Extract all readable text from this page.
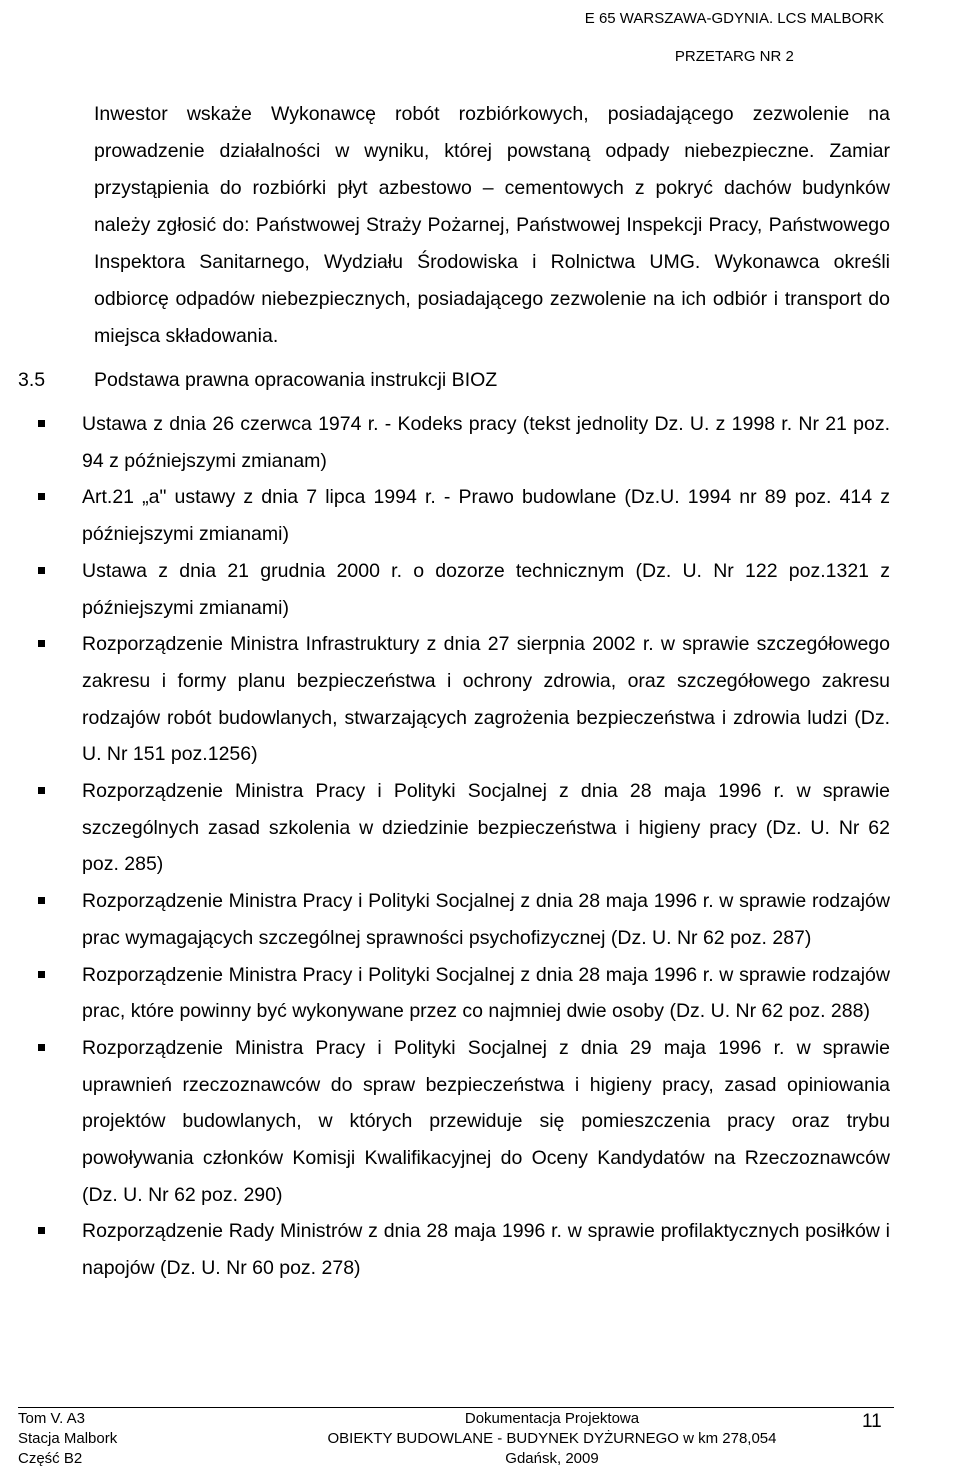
E 65 WARSZAWA-GDYNIA. LCS MALBORK
PRZETARG NR 2

Inwestor wskaże Wykonawcę robót rozbiórkowych, posiadającego zezwolenie na prowadzenie działalności w wyniku, której powstaną odpady niebezpieczne. Zamiar przystąpienia do rozbiórki płyt azbestowo – cementowych z pokryć dachów budynków należy zgłosić do: Państwowej Straży Pożarnej, Państwowej Inspekcji Pracy, Państwowego Inspektora Sanitarnego, Wydziału Środowiska i Rolnictwa UMG. Wykonawca określi odbiorcę odpadów niebezpiecznych, posiadającego zezwolenie na ich odbiór i transport do miejsca składowania.

3.5	Podstawa prawna opracowania instrukcji BIOZ
Ustawa z dnia 26 czerwca 1974 r. - Kodeks pracy (tekst jednolity Dz. U. z 1998 r. Nr 21 poz. 94 z późniejszymi zmianam)
Art.21 „a" ustawy z dnia 7 lipca 1994 r. - Prawo budowlane (Dz.U. 1994 nr 89 poz. 414 z późniejszymi zmianami)
Ustawa z dnia 21 grudnia 2000 r. o dozorze technicznym (Dz. U. Nr 122 poz.1321 z późniejszymi zmianami)
Rozporządzenie Ministra Infrastruktury z dnia 27 sierpnia 2002 r. w sprawie szczegółowego zakresu i formy planu bezpieczeństwa i ochrony zdrowia, oraz szczegółowego zakresu rodzajów robót budowlanych, stwarzających zagrożenia bezpieczeństwa i zdrowia ludzi (Dz. U. Nr 151 poz.1256)
Rozporządzenie Ministra Pracy i Polityki Socjalnej z dnia 28 maja 1996 r. w sprawie szczególnych zasad szkolenia w dziedzinie bezpieczeństwa i higieny pracy (Dz. U. Nr 62 poz. 285)
Rozporządzenie Ministra Pracy i Polityki Socjalnej z dnia 28 maja 1996 r. w sprawie rodzajów prac wymagających szczególnej sprawności psychofizycznej (Dz. U. Nr 62 poz. 287)
Rozporządzenie Ministra Pracy i Polityki Socjalnej z dnia 28 maja 1996 r. w sprawie rodzajów prac, które powinny być wykonywane przez co najmniej dwie osoby (Dz. U. Nr 62 poz. 288)
Rozporządzenie Ministra Pracy i Polityki Socjalnej z dnia 29 maja 1996 r. w sprawie uprawnień rzeczoznawców do spraw bezpieczeństwa i higieny pracy, zasad opiniowania projektów budowlanych, w których przewiduje się pomieszczenia pracy oraz trybu powoływania członków Komisji Kwalifikacyjnej do Oceny Kandydatów na Rzeczoznawców (Dz. U. Nr 62 poz. 290)
Rozporządzenie Rady Ministrów z dnia 28 maja 1996 r. w sprawie profilaktycznych posiłków i napojów (Dz. U. Nr 60 poz. 278)
Tom V. A3
Stacja Malbork
Część B2
Dokumentacja Projektowa
OBIEKTY BUDOWLANE - BUDYNEK DYŻURNEGO w km 278,054
Gdańsk, 2009
11
